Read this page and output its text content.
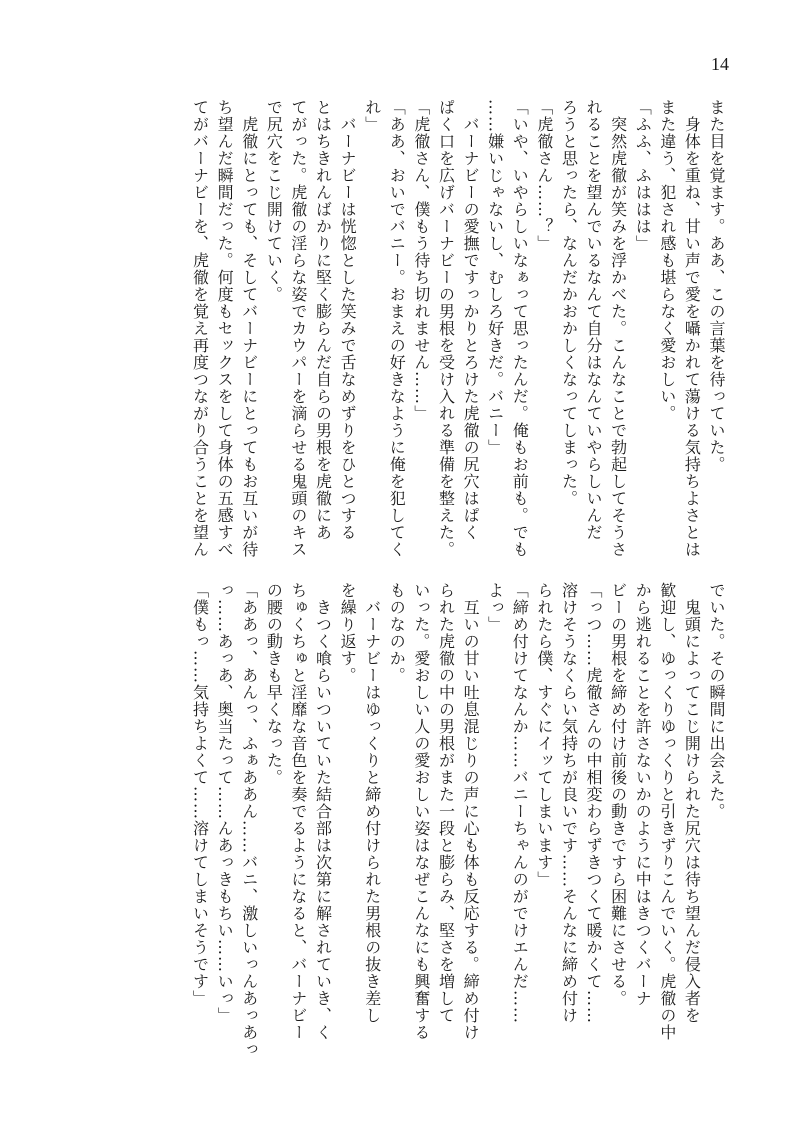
14
また目を覚ます。ああ、この言葉を待っていた。
　身体を重ね、甘い声で愛を囁かれて蕩ける気持ちよさとは
また違う、犯され感も堪らなく愛おしい。
「ふふ、ふははは」
　突然虎徹が笑みを浮かべた。こんなことで勃起してそうさ
れることを望んでいるなんて自分はなんていやらしいんだ
ろうと思ったら、なんだかおかしくなってしまった。
「虎徹さん……？」
「いや、いやらしいなぁって思ったんだ。俺もお前も。でも
……嫌いじゃないし、むしろ好きだ。バニー」
　バーナビーの愛撫ですっかりとろけた虎徹の尻穴はぱく
ぱく口を広げバーナビーの男根を受け入れる準備を整えた。
「虎徹さん、僕もう待ち切れません……」
「ああ、おいでバニー。おまえの好きなように俺を犯してく
れ」
　バーナビーは恍惚とした笑みで舌なめずりをひとつする
とはちきれんばかりに堅く膨らんだ自らの男根を虎徹にあ
てがった。虎徹の淫らな姿でカウパーを滴らせる鬼頭のキス
で尻穴をこじ開けていく。
　虎徹にとっても、そしてバーナビーにとってもお互いが待
ち望んだ瞬間だった。何度もセックスをして身体の五感すべ
てがバーナビーを、虎徹を覚え再度つながり合うことを望ん
でいた。その瞬間に出会えた。
　鬼頭によってこじ開けられた尻穴は待ち望んだ侵入者を
歓迎し、ゆっくりゆっくりと引きずりこんでいく。虎徹の中
から逃れることを許さないかのように中はきつくバーナ
ビーの男根を締め付け前後の動きですら困難にさせる。
「っつ……虎徹さんの中相変わらずきつくて暖かくて……
溶けそうなくらい気持ちが良いです……そんなに締め付け
られたら僕、すぐにイッてしまいます」
「締め付けてなんか……バニーちゃんのがでけエんだ……
よっ」
　互いの甘い吐息混じりの声に心も体も反応する。締め付け
られた虎徹の中の男根がまた一段と膨らみ、堅さを増して
いった。愛おしい人の愛おしい姿はなぜこんなにも興奮する
ものなのか。
　バーナビーはゆっくりと締め付けられた男根の抜き差し
を繰り返す。
　きつく喰らいついていた結合部は次第に解されていき、く
ちゅくちゅと淫靡な音色を奏でるようになると、バーナビー
の腰の動きも早くなった。
「ああっ、あんっ、ふぁああん……バニ、激しいっんあっあっ
っ……あっあ、奥当たって……んあっきもちい……いっ」
「僕もっ……気持ちよくて……溶けてしまいそうです」
